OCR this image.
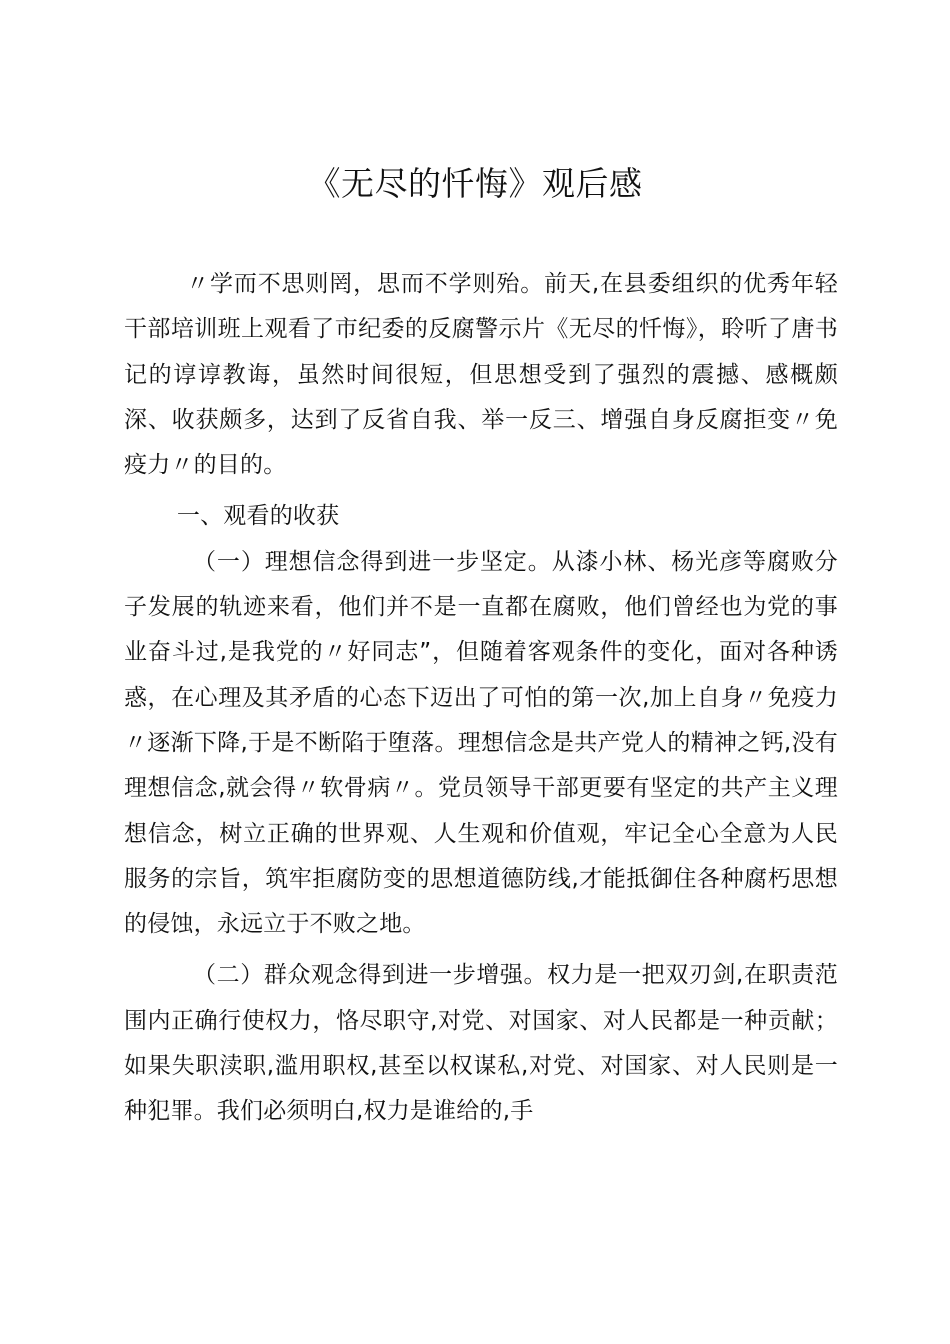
《无尽的忏悔》观后感

〃学而不思则罔，思而不学则殆。前天,在县委组织的优秀年轻干部培训班上观看了市纪委的反腐警示片《无尽的忏悔》，聆听了唐书记的谆谆教诲，虽然时间很短，但思想受到了强烈的震撼、感概颇深、收获颇多，达到了反省自我、举一反三、增强自身反腐拒变〃免疫力〃的目的。

一、观看的收获

（一）理想信念得到进一步坚定。从漆小林、杨光彦等腐败分子发展的轨迹来看，他们并不是一直都在腐败，他们曾经也为党的事业奋斗过,是我党的〃好同志”，但随着客观条件的变化，面对各种诱惑，在心理及其矛盾的心态下迈出了可怕的第一次,加上自身〃免疫力〃逐渐下降,于是不断陷于堕落。理想信念是共产党人的精神之钙,没有理想信念,就会得〃软骨病〃。党员领导干部更要有坚定的共产主义理想信念，树立正确的世界观、人生观和价值观，牢记全心全意为人民服务的宗旨，筑牢拒腐防变的思想道德防线,才能抵御住各种腐朽思想的侵蚀，永远立于不败之地。

（二）群众观念得到进一步增强。权力是一把双刃剑,在职责范围内正确行使权力，恪尽职守,对党、对国家、对人民都是一种贡献；如果失职渎职,滥用职权,甚至以权谋私,对党、对国家、对人民则是一种犯罪。我们必须明白,权力是谁给的,手
